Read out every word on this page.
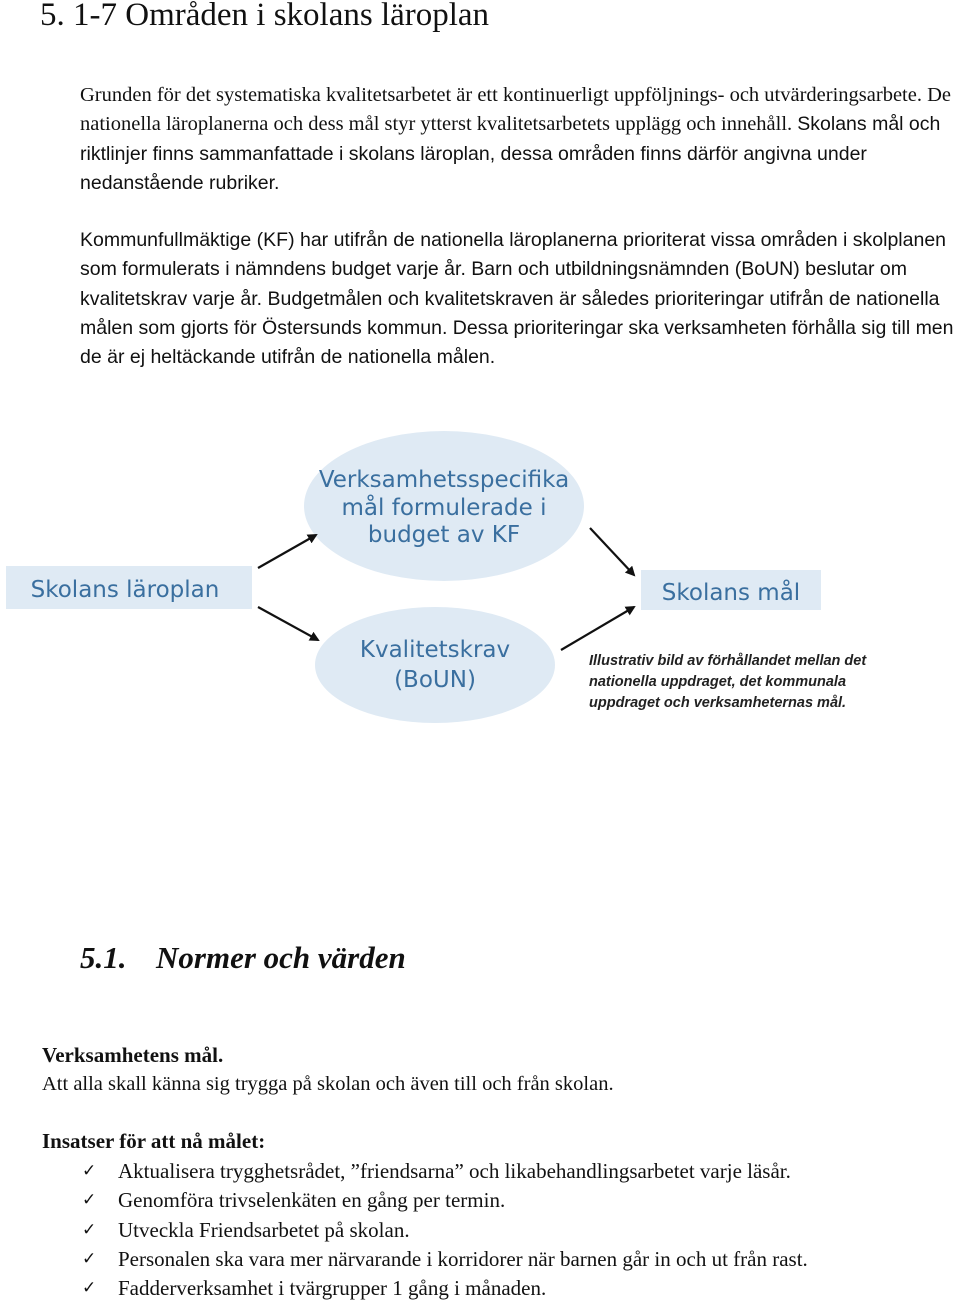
5. 1-7 Områden i skolans läroplan

Grunden för det systematiska kvalitetsarbetet är ett kontinuerligt uppföljnings- och utvärderingsarbete. De nationella läroplanerna och dess mål styr ytterst kvalitetsarbetets upplägg och innehåll. Skolans mål och riktlinjer finns sammanfattade i skolans läroplan, dessa områden finns därför angivna under nedanstående rubriker.

Kommunfullmäktige (KF) har utifrån de nationella läroplanerna prioriterat vissa områden i skolplanen som formulerats i nämndens budget varje år. Barn och utbildningsnämnden (BoUN) beslutar om kvalitetskrav varje år. Budgetmålen och kvalitetskraven är således prioriteringar utifrån de nationella målen som gjorts för Östersunds kommun. Dessa prioriteringar ska verksamheten förhålla sig till men de är ej heltäckande utifrån de nationella målen.

Verksamhetsspecifika
mål formulerade i
budget av KF
Skolans läroplan
Kvalitetskrav
(BoUN)
Skolans mål
Illustrativ bild av förhållandet mellan det
nationella uppdraget, det kommunala
uppdraget och verksamheternas mål.
5.1. Normer och värden

Verksamhetens mål.

Att alla skall känna sig trygga på skolan och även till och från skolan.

Insatser för att nå målet:

✓ Aktualisera trygghetsrådet, ”friendsarna” och likabehandlingsarbetet varje läsår.
✓ Genomföra trivselenkäten en gång per termin.
✓ Utveckla Friendsarbetet på skolan.
✓ Personalen ska vara mer närvarande i korridorer när barnen går in och ut från rast.
✓ Fadderverksamhet i tvärgrupper 1 gång i månaden.
